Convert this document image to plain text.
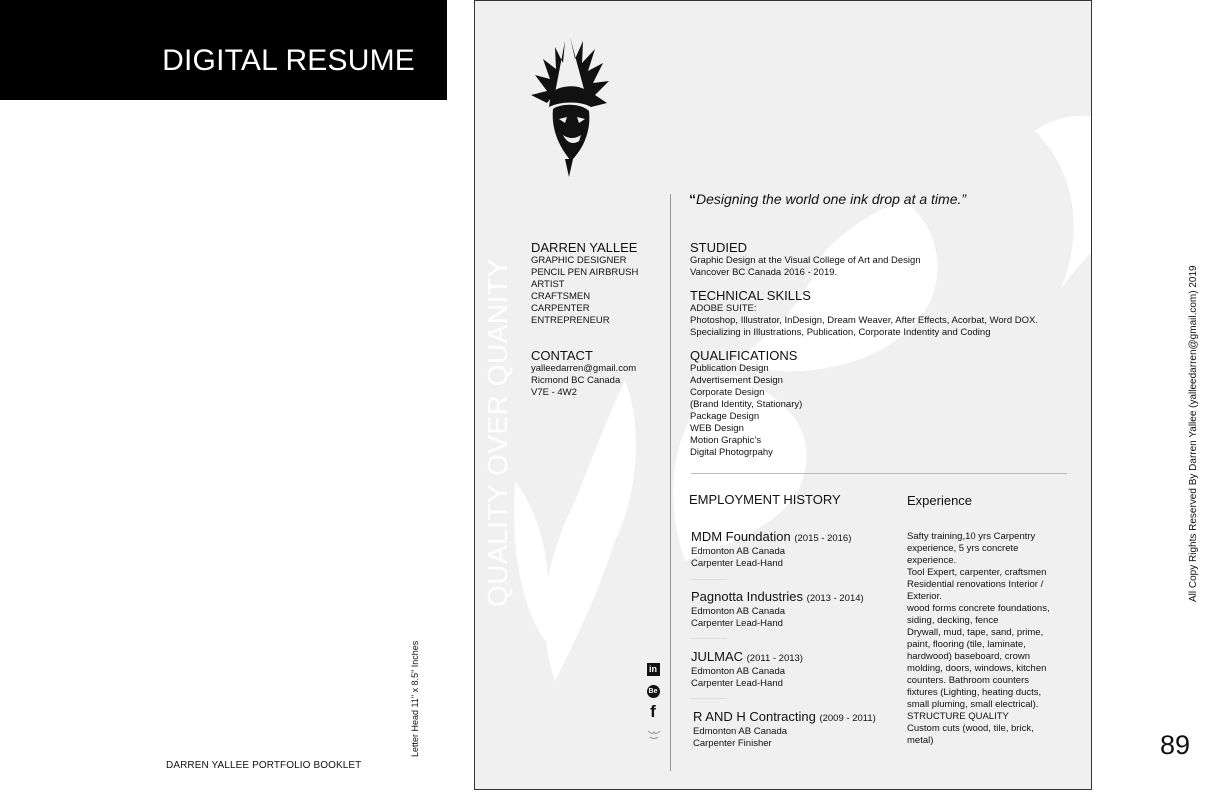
DIGITAL RESUME
DARREN YALLEE PORTFOLIO BOOKLET
Letter Head 11" x 8.5" Inches
All Copy Rights Reserved By Darren Yallee (yalleedarren@gmail.com) 2019
89
QUALITY OVER QUANITY
“Designing the world one ink drop at a time.”

DARREN YALLEE

GRAPHIC DESIGNER

PENCIL PEN AIRBRUSH

ARTIST

CRAFTSMEN

CARPENTER

ENTREPRENEUR

CONTACT

yalleedarren@gmail.com

Ricmond BC Canada

V7E - 4W2

STUDIED

Graphic Design at the Visual College of Art and Design

Vancover BC Canada 2016 - 2019.

TECHNICAL SKILLS

ADOBE SUITE:

Photoshop, Illustrator, InDesign, Dream Weaver, After Effects, Acorbat, Word DOX.

Specializing in Illustrations, Publication, Corporate Indentity and Coding

QUALIFICATIONS

Publication Design

Advertisement Design

Corporate Design

(Brand Identity, Stationary)

Package Design

WEB Design

Motion Graphic’s

Digital Photogrpahy

EMPLOYMENT HISTORY

MDM Foundation (2015 - 2016)

Edmonton AB Canada

Carpenter Lead-Hand

Pagnotta Industries (2013 - 2014)

Edmonton AB Canada

Carpenter Lead-Hand

JULMAC (2011 - 2013)

Edmonton AB Canada

Carpenter Lead-Hand

R AND H Contracting (2009 - 2011)

Edmonton AB Canada

Carpenter Finisher

Experience

Safty training,10 yrs Carpentry

experience, 5 yrs concrete

experience.

Tool Expert, carpenter, craftsmen

Residential renovations Interior /

Exterior.

wood forms concrete foundations,

siding, decking, fence

Drywall, mud, tape, sand, prime,

paint, flooring (tile, laminate,

hardwood) baseboard, crown

molding, doors, windows, kitchen

counters. Bathroom counters

fixtures (Lighting, heating ducts,

small pluming, small electrical).

STRUCTURE QUALITY

Custom cuts (wood, tile, brick,

metal)

in
Be
f
